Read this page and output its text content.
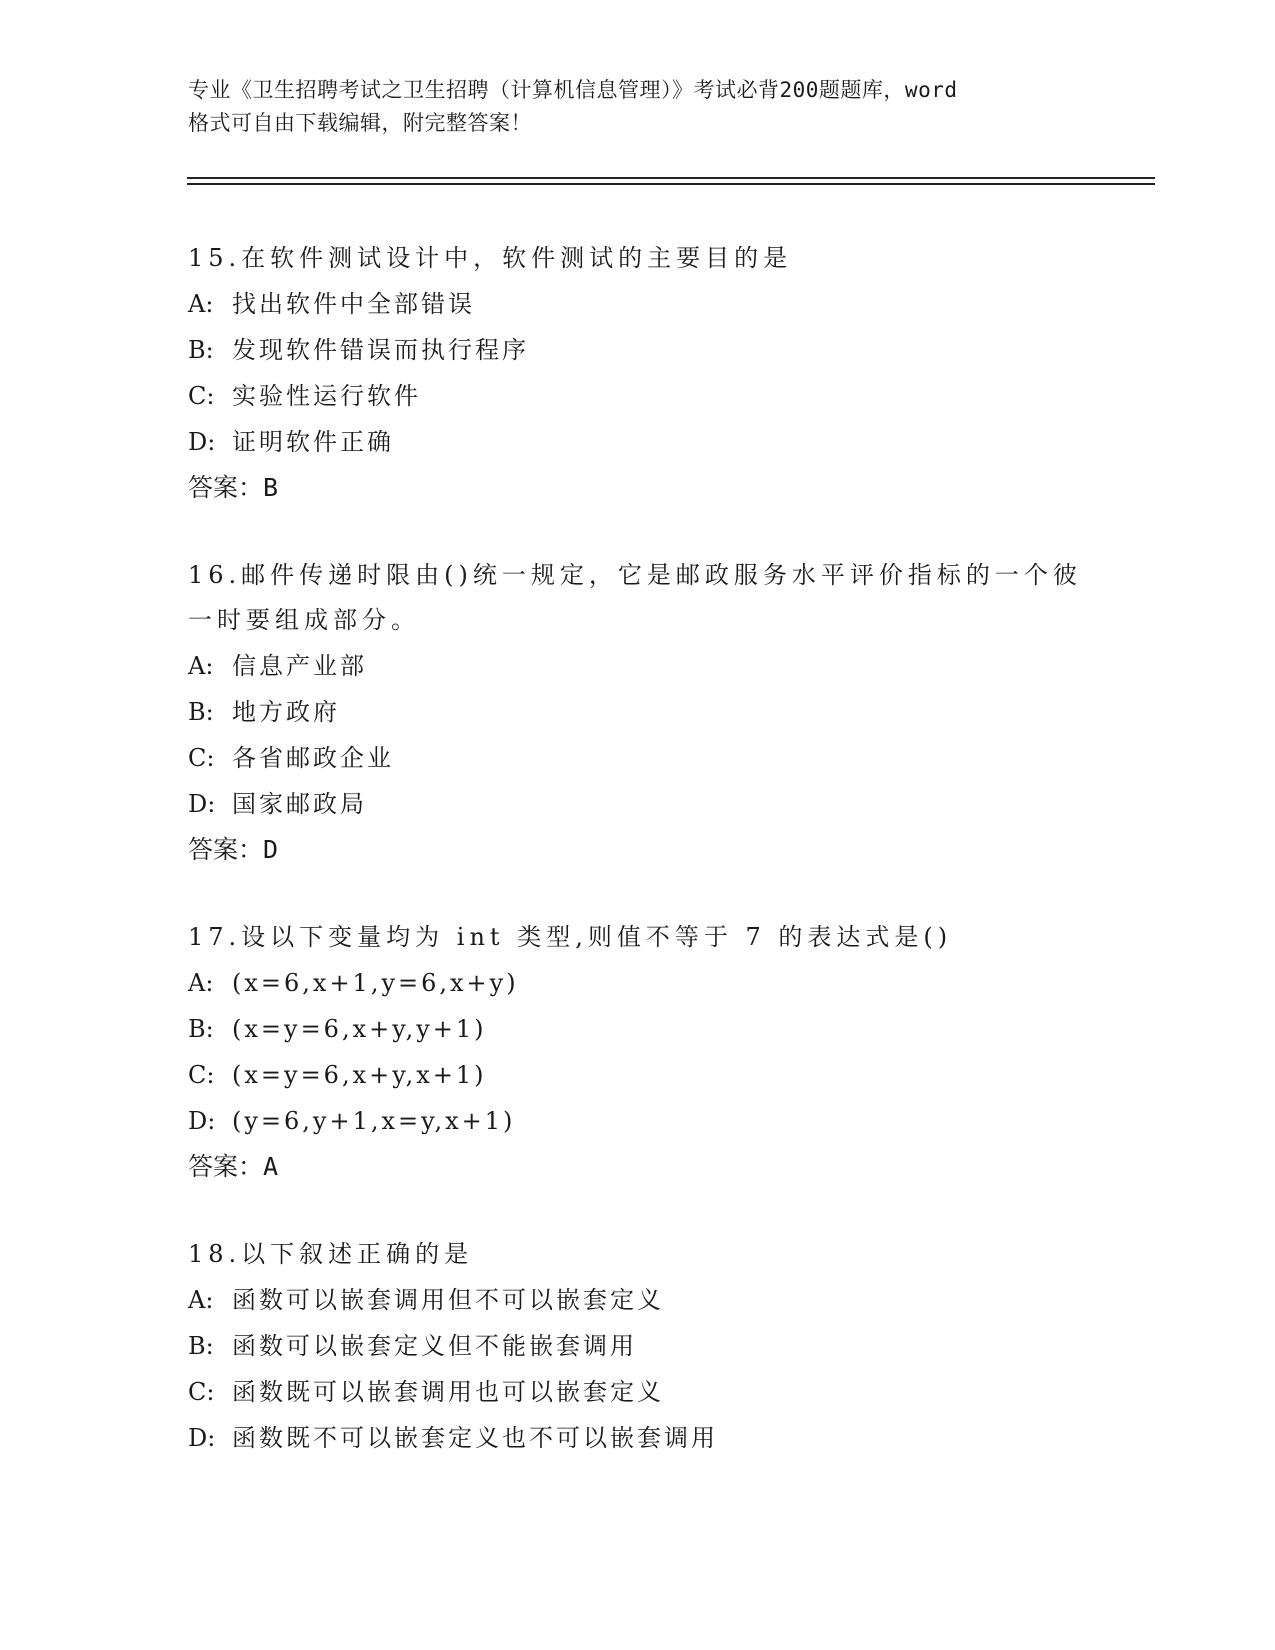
专业《卫生招聘考试之卫生招聘（计算机信息管理）》考试必背200题题库，word
格式可自由下载编辑，附完整答案！

15.在软件测试设计中，软件测试的主要目的是

A: 找出软件中全部错误

B: 发现软件错误而执行程序

C: 实验性运行软件

D: 证明软件正确

答案：B

16.邮件传递时限由()统一规定，它是邮政服务水平评价指标的一个彼
一时要组成部分。

A: 信息产业部

B: 地方政府

C: 各省邮政企业

D: 国家邮政局

答案：D

17.设以下变量均为 int 类型,则值不等于 7 的表达式是()

A: (x=6,x+1,y=6,x+y)

B: (x=y=6,x+y,y+1)

C: (x=y=6,x+y,x+1)

D: (y=6,y+1,x=y,x+1)

答案：A

18.以下叙述正确的是

A: 函数可以嵌套调用但不可以嵌套定义

B: 函数可以嵌套定义但不能嵌套调用

C: 函数既可以嵌套调用也可以嵌套定义

D: 函数既不可以嵌套定义也不可以嵌套调用
